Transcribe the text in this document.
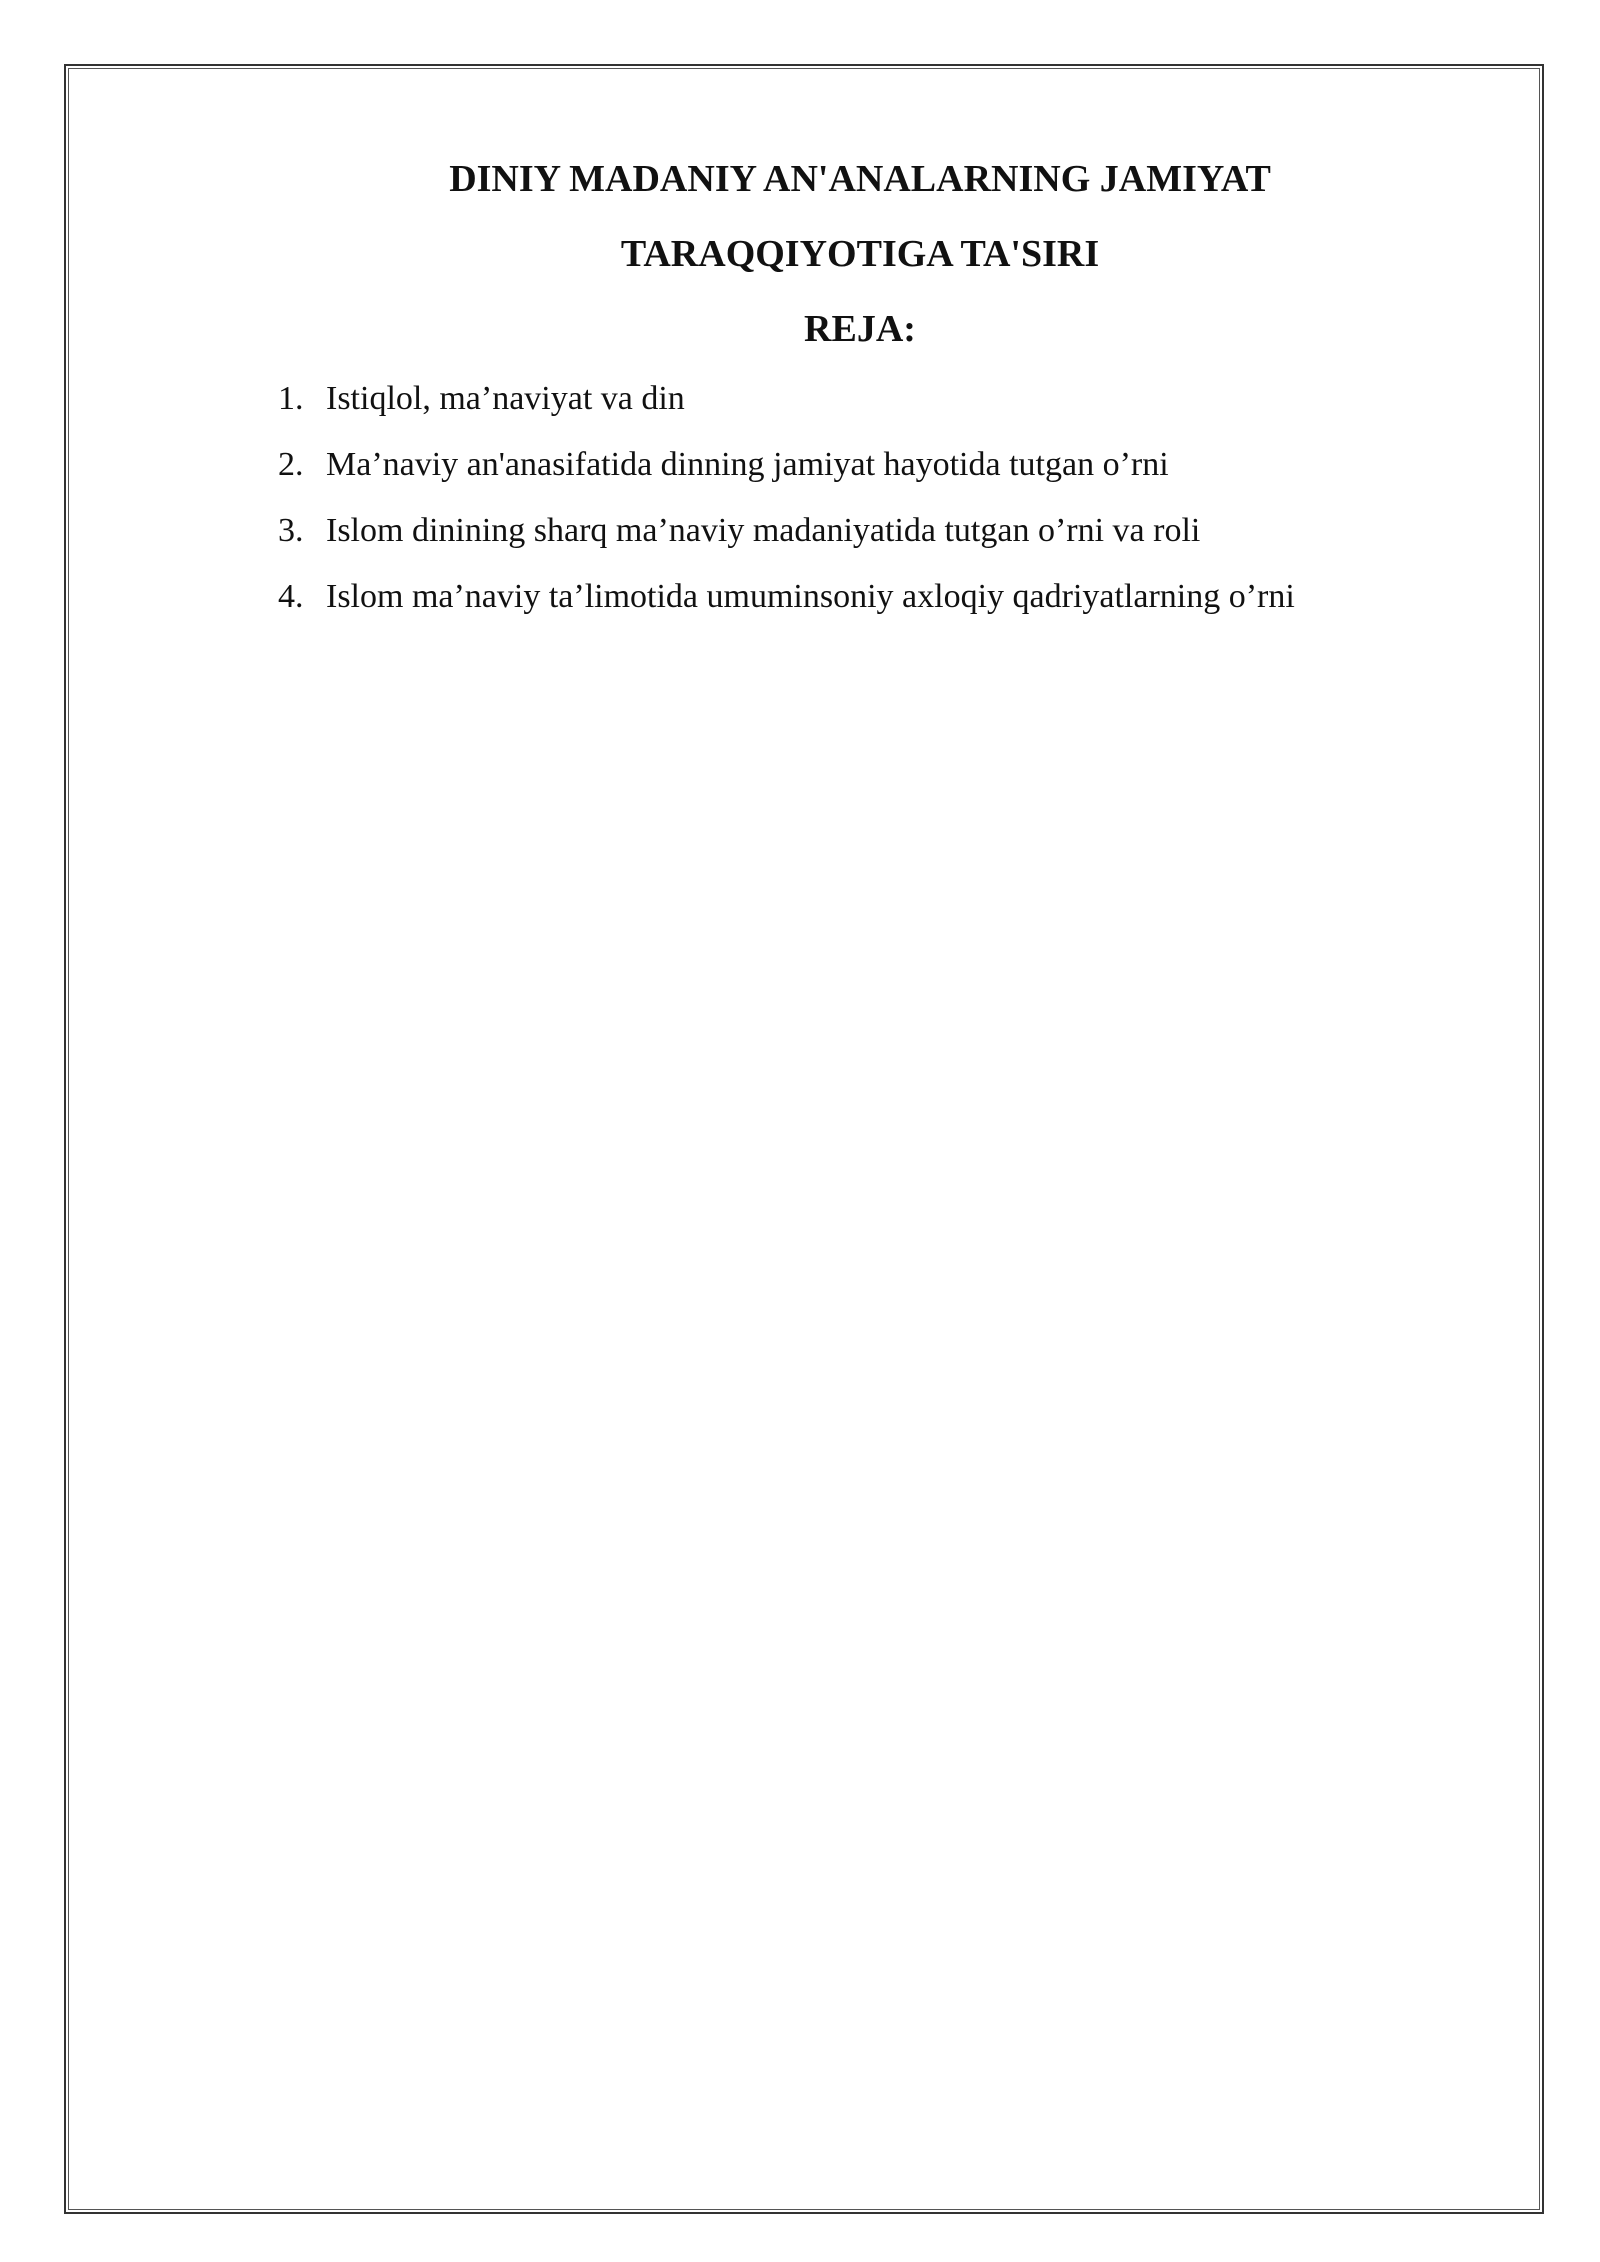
DINIY MADANIY AN'ANALARNING JAMIYAT
TARAQQIYOTIGA TA'SIRI
REJA:
1. Istiqlol, ma’naviyat va din
2. Ma’naviy an'anasifatida dinning jamiyat hayotida tutgan o’rni
3. Islom dinining sharq ma’naviy madaniyatida tutgan o’rni va roli
4. Islom ma’naviy ta’limotida umuminsoniy axloqiy qadriyatlarning o’rni
